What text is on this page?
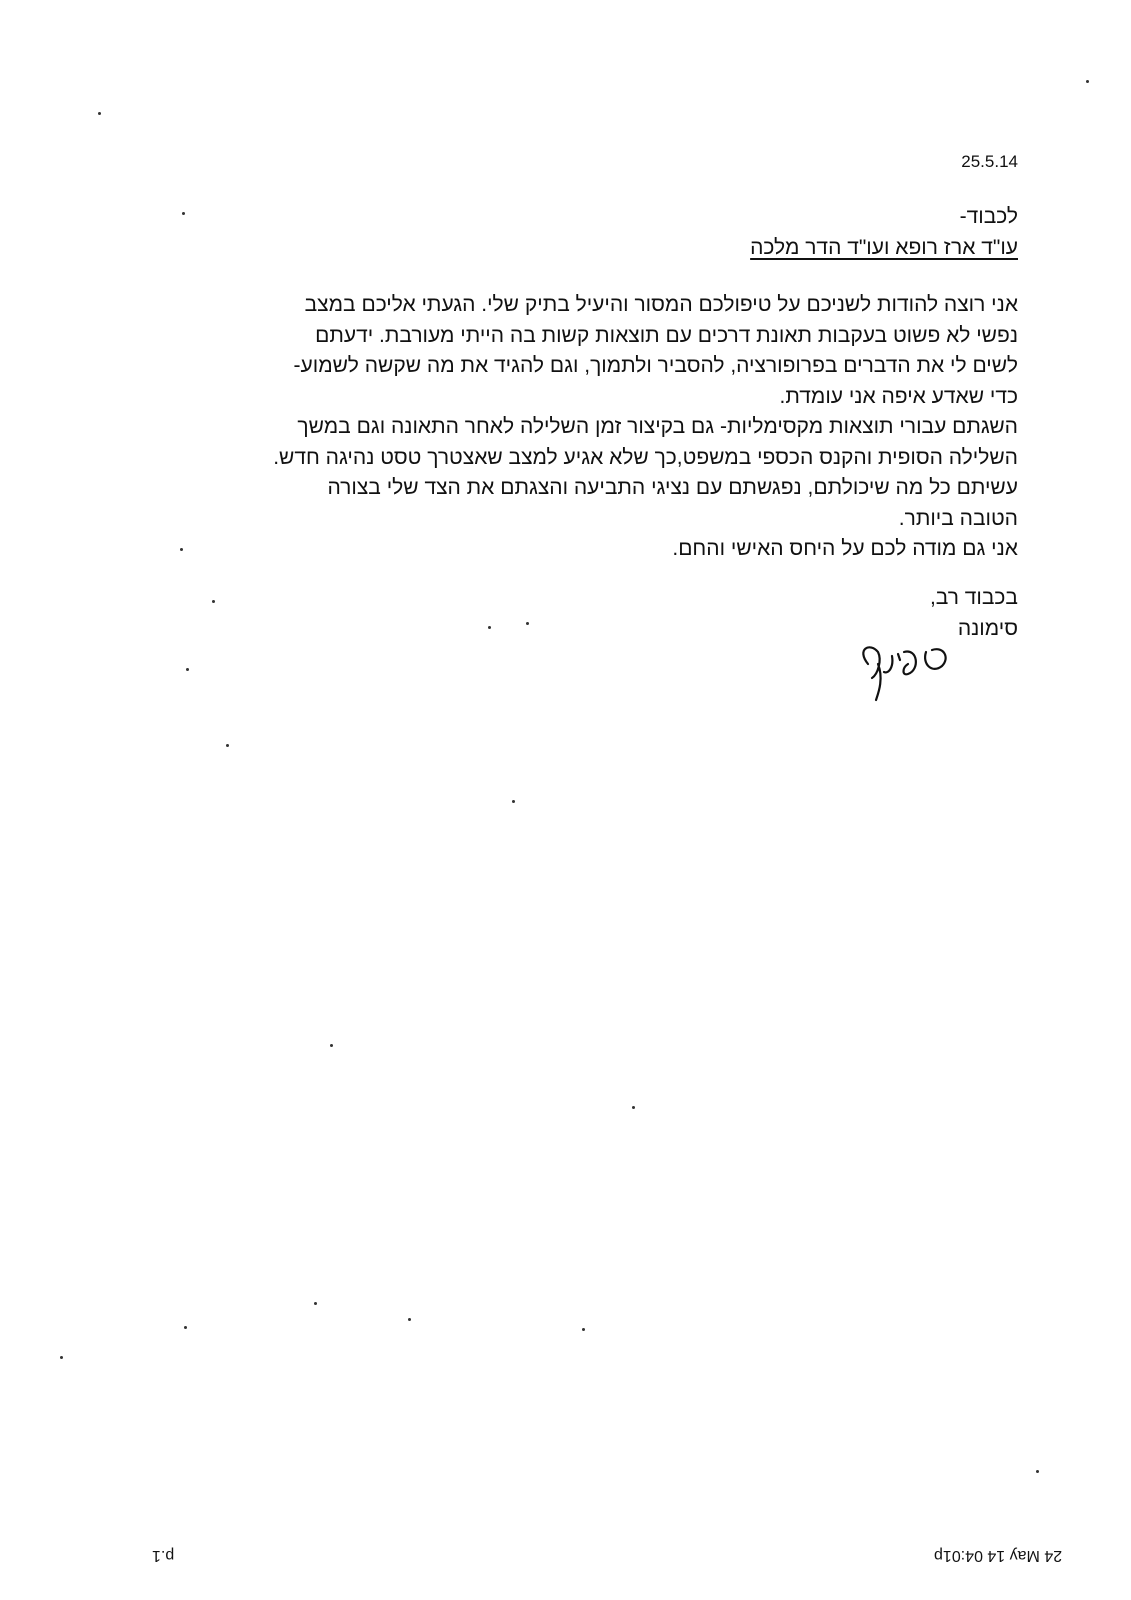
25.5.14
לכבוד-
עו"ד ארז רופא ועו"ד הדר מלכה
אני רוצה להודות לשניכם על טיפולכם המסור והיעיל בתיק שלי. הגעתי אליכם במצב
נפשי לא פשוט בעקבות תאונת דרכים עם תוצאות קשות בה הייתי מעורבת. ידעתם
לשים לי את הדברים בפרופורציה, להסביר ולתמוך, וגם להגיד את מה שקשה לשמוע-
כדי שאדע איפה אני עומדת.
השגתם עבורי תוצאות מקסימליות- גם בקיצור זמן השלילה לאחר התאונה וגם במשך
השלילה הסופית והקנס הכספי במשפט,כך שלא אגיע למצב שאצטרך טסט נהיגה חדש.
עשיתם כל מה שיכולתם, נפגשתם עם נציגי התביעה והצגתם את הצד שלי בצורה
הטובה ביותר.
אני גם מודה לכם על היחס האישי והחם.
בכבוד רב,
סימונה
p.1	24 May 14 04:01p
